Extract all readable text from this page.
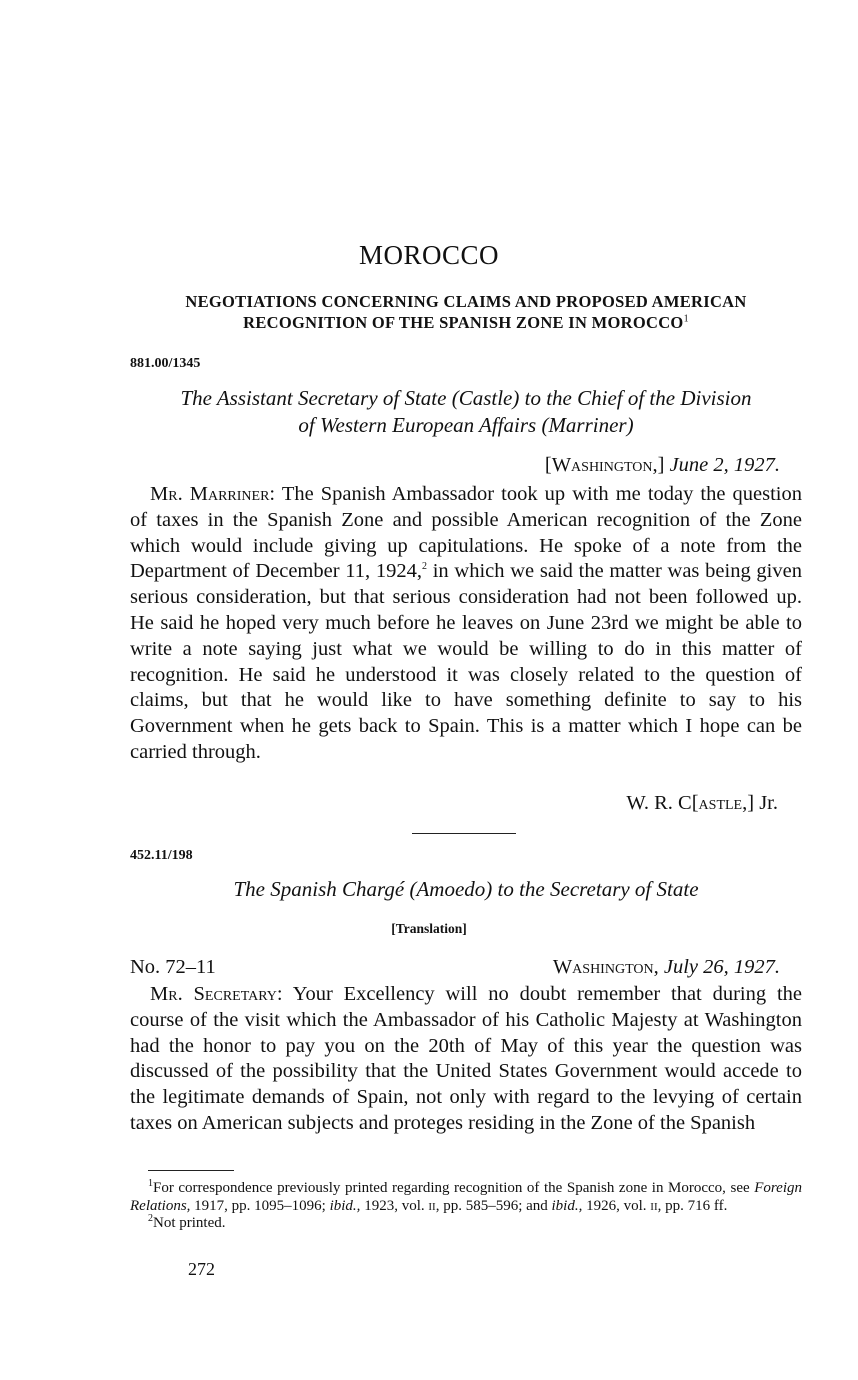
MOROCCO
NEGOTIATIONS CONCERNING CLAIMS AND PROPOSED AMERICAN
RECOGNITION OF THE SPANISH ZONE IN MOROCCO$^1$
881.00/1345
The Assistant Secretary of State (Castle) to the Chief of the Division
of Western European Affairs (Marriner)
[Washington,] June 2, 1927.
Mr. Marriner: The Spanish Ambassador took up with me today the question of taxes in the Spanish Zone and possible American recognition of the Zone which would include giving up capitulations. He spoke of a note from the Department of December 11, 1924,$^2$ in which we said the matter was being given serious consideration, but that serious consideration had not been followed up. He said he hoped very much before he leaves on June 23rd we might be able to write a note saying just what we would be willing to do in this matter of recognition. He said he understood it was closely related to the question of claims, but that he would like to have something definite to say to his Government when he gets back to Spain. This is a matter which I hope can be carried through.
W. R. C[astle,] Jr.
452.11/198
The Spanish Chargé (Amoedo) to the Secretary of State
[Translation]
No. 72–11	Washington, July 26, 1927.
Mr. Secretary: Your Excellency will no doubt remember that during the course of the visit which the Ambassador of his Catholic Majesty at Washington had the honor to pay you on the 20th of May of this year the question was discussed of the possibility that the United States Government would accede to the legitimate demands of Spain, not only with regard to the levying of certain taxes on American subjects and proteges residing in the Zone of the Spanish

$^1$For correspondence previously printed regarding recognition of the Spanish zone in Morocco, see Foreign Relations, 1917, pp. 1095–1096; ibid., 1923, vol. ii, pp. 585–596; and ibid., 1926, vol. ii, pp. 716 ff.

$^2$Not printed.

272
